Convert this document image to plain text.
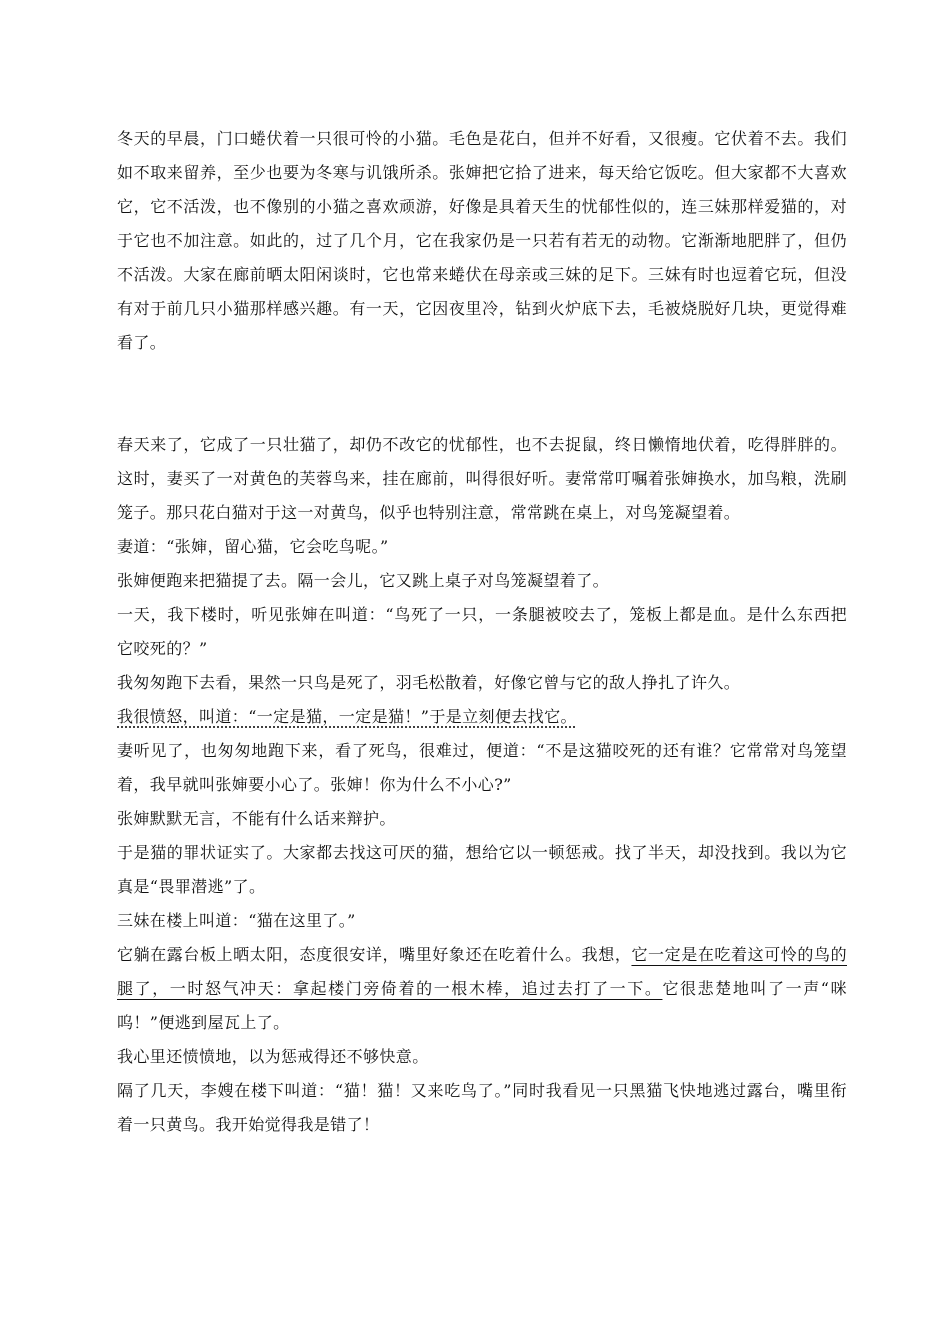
冬天的早晨，门口蜷伏着一只很可怜的小猫。毛色是花白，但并不好看，又很瘦。它伏着不去。我们如不取来留养，至少也要为冬寒与讥饿所杀。张婶把它拾了进来，每天给它饭吃。但大家都不大喜欢它，它不活泼，也不像别的小猫之喜欢顽游，好像是具着天生的忧郁性似的，连三妹那样爱猫的，对于它也不加注意。如此的，过了几个月，它在我家仍是一只若有若无的动物。它渐渐地肥胖了，但仍不活泼。大家在廊前晒太阳闲谈时，它也常来蜷伏在母亲或三妹的足下。三妹有时也逗着它玩，但没有对于前几只小猫那样感兴趣。有一天，它因夜里冷，钻到火炉底下去，毛被烧脱好几块，更觉得难看了。

春天来了，它成了一只壮猫了，却仍不改它的忧郁性，也不去捉鼠，终日懒惰地伏着，吃得胖胖的。这时，妻买了一对黄色的芙蓉鸟来，挂在廊前，叫得很好听。妻常常叮嘱着张婶换水，加鸟粮，洗刷笼子。那只花白猫对于这一对黄鸟，似乎也特别注意，常常跳在桌上，对鸟笼凝望着。

妻道：“张婶，留心猫，它会吃鸟呢。”

张婶便跑来把猫提了去。隔一会儿，它又跳上桌子对鸟笼凝望着了。

一天，我下楼时，听见张婶在叫道：“鸟死了一只，一条腿被咬去了，笼板上都是血。是什么东西把它咬死的？”

我匆匆跑下去看，果然一只鸟是死了，羽毛松散着，好像它曾与它的敌人挣扎了许久。

我很愤怒，叫道：“一定是猫，一定是猫！”于是立刻便去找它。

妻听见了，也匆匆地跑下来，看了死鸟，很难过，便道：“不是这猫咬死的还有谁？它常常对鸟笼望着，我早就叫张婶要小心了。张婶！你为什么不小心?”

张婶默默无言，不能有什么话来辩护。

于是猫的罪状证实了。大家都去找这可厌的猫，想给它以一顿惩戒。找了半天，却没找到。我以为它真是“畏罪潜逃”了。

三妹在楼上叫道：“猫在这里了。”

它躺在露台板上晒太阳，态度很安详，嘴里好象还在吃着什么。我想，它一定是在吃着这可怜的鸟的腿了，一时怒气冲天：拿起楼门旁倚着的一根木棒，追过去打了一下。它很悲楚地叫了一声“咪呜！”便逃到屋瓦上了。

我心里还愤愤地，以为惩戒得还不够快意。

隔了几天，李嫂在楼下叫道：“猫！猫！又来吃鸟了。”同时我看见一只黑猫飞快地逃过露台，嘴里衔着一只黄鸟。我开始觉得我是错了！
